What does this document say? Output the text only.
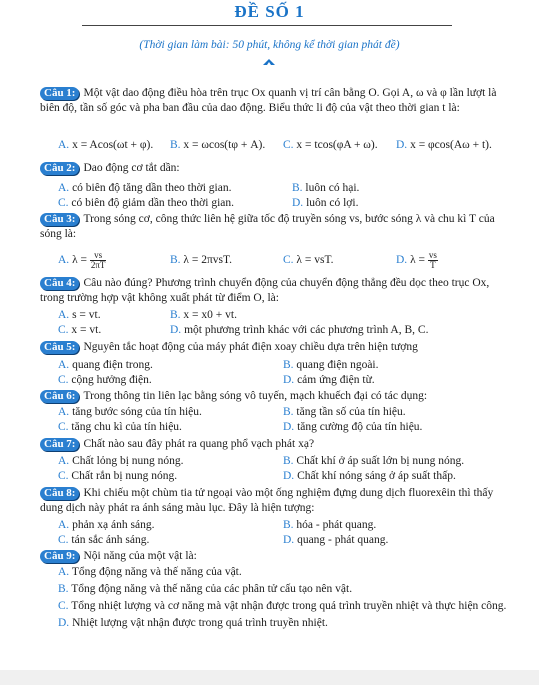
ĐỀ SỐ 1
(Thời gian làm bài: 50 phút, không kể thời gian phát đề)
Câu 1: Một vật dao động điều hòa trên trục Ox quanh vị trí cân bằng O. Gọi A, ω và φ lần lượt là biên độ, tần số góc và pha ban đầu của dao động. Biểu thức li độ của vật theo thời gian t là:
A. x = Acos(ωt + φ). B. x = ωcos(tφ + A). C. x = tcos(φA + ω). D. x = φcos(Aω + t).
Câu 2: Dao động cơ tắt dần:
A. có biên độ tăng dần theo thời gian.	B. luôn có hại.
C. có biên độ giảm dần theo thời gian.	D. luôn có lợi.
Câu 3: Trong sóng cơ, công thức liên hệ giữa tốc độ truyền sóng vs, bước sóng λ và chu kì T của sóng là:
A. $\lambda = \frac{vs}{2\pi T}$	B. λ = 2πvsT.	C. λ = vsT.	D. $\lambda = \frac{vs}{T}$
Câu 4: Câu nào đúng? Phương trình chuyển động của chuyển động thẳng đều dọc theo trục Ox, trong trường hợp vật không xuất phát từ điểm O, là:
A. s = vt.	B. x = x0 + vt.
C. x = vt.	D. một phương trình khác với các phương trình A, B, C.
Câu 5: Nguyên tắc hoạt động của máy phát điện xoay chiều dựa trên hiện tượng
A. quang điện trong.	B. quang điện ngoài.
C. cộng hưởng điện.	D. cảm ứng điện từ.
Câu 6: Trong thông tin liên lạc bằng sóng vô tuyến, mạch khuếch đại có tác dụng:
A. tăng bước sóng của tín hiệu.	B. tăng tần số của tín hiệu.
C. tăng chu kì của tín hiệu.	D. tăng cường độ của tín hiệu.
Câu 7: Chất nào sau đây phát ra quang phổ vạch phát xạ?
A. Chất lỏng bị nung nóng.	B. Chất khí ở áp suất lớn bị nung nóng.
C. Chất rắn bị nung nóng.	D. Chất khí nóng sáng ở áp suất thấp.
Câu 8: Khi chiếu một chùm tia tử ngoại vào một ống nghiệm đựng dung dịch fluorexêin thì thấy dung dịch này phát ra ánh sáng màu lục. Đây là hiện tượng:
A. phản xạ ánh sáng.	B. hóa - phát quang.
C. tán sắc ánh sáng.	D. quang - phát quang.
Câu 9: Nội năng của một vật là:
A. Tổng động năng và thế năng của vật.
B. Tổng động năng và thế năng của các phân tử cấu tạo nên vật.
C. Tổng nhiệt lượng và cơ năng mà vật nhận được trong quá trình truyền nhiệt và thực hiện công.
D. Nhiệt lượng vật nhận được trong quá trình truyền nhiệt.
